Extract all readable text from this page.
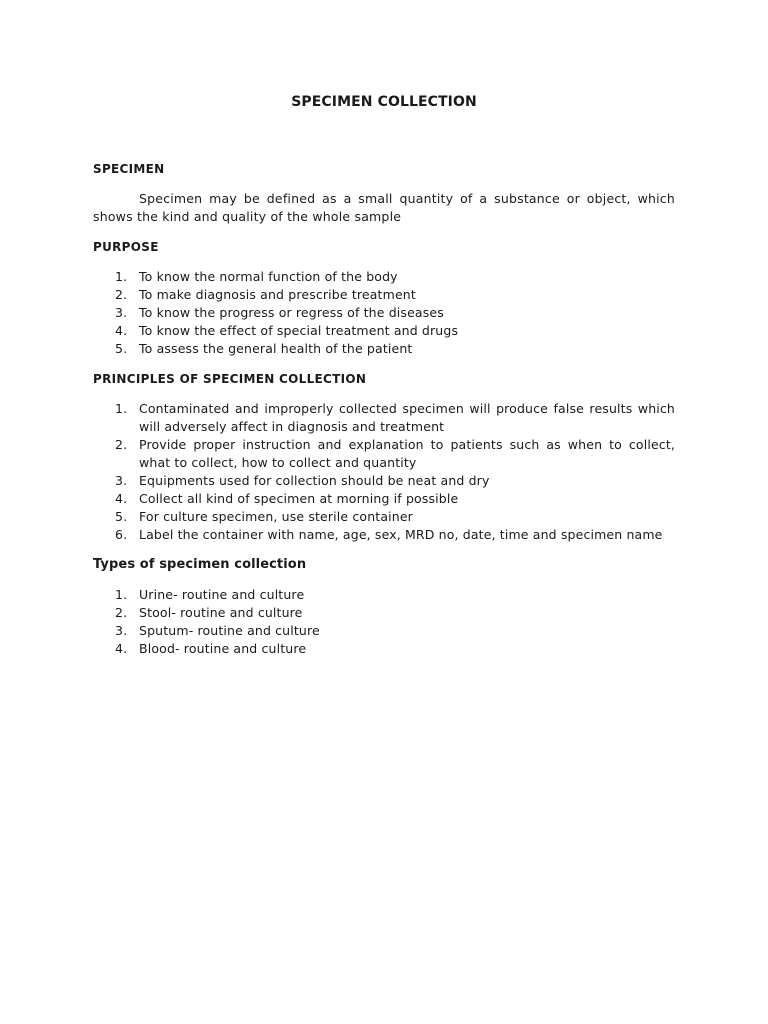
SPECIMEN COLLECTION
SPECIMEN

Specimen may be defined as a small quantity of a substance or object, which shows the kind and quality of the whole sample

PURPOSE
1. To know the normal function of the body
2. To make diagnosis and prescribe treatment
3. To know the progress or regress of the diseases
4. To know the effect of special treatment and drugs
5. To assess the general health of the patient
PRINCIPLES OF SPECIMEN COLLECTION
1. Contaminated and improperly collected specimen will produce false results which will adversely affect in diagnosis and treatment
2. Provide proper instruction and explanation to patients such as when to collect, what to collect, how to collect and quantity
3. Equipments used for collection should be neat and dry
4. Collect all kind of specimen at morning if possible
5. For culture specimen, use sterile container
6. Label the container with name, age, sex, MRD no, date, time and specimen name
Types of specimen collection
1. Urine- routine and culture
2. Stool- routine and culture
3. Sputum- routine and culture
4. Blood- routine and culture
